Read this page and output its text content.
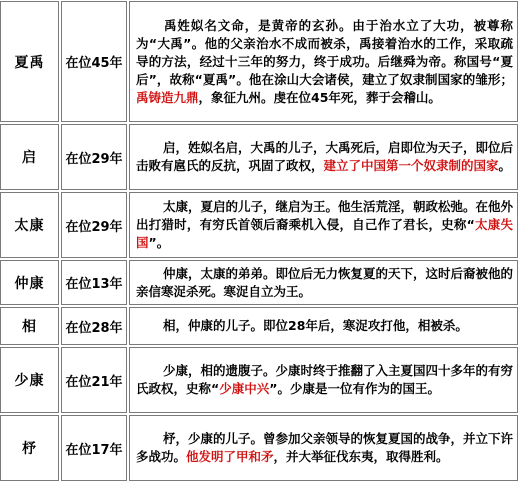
夏禹	在位45年	禹姓姒名文命，是黄帝的玄孙。由于治水立了大功，被尊称为“大禹”。他的父亲治水不成而被杀，禹接着治水的工作，采取疏导的方法，经过十三年的努力，终于成功。后继舜为帝。称国号“夏后”，故称“夏禹”。他在涂山大会诸侯，建立了奴隶制国家的雏形；禹铸造九鼎，象征九州。虔在位45年死，葬于会稽山。
启	在位29年	启，姓姒名启，大禹的儿子，大禹死后，启即位为天子，即位后击败有扈氏的反抗，巩固了政权，建立了中国第一个奴隶制的国家。
太康	在位29年	太康，夏启的儿子，继启为王。他生活荒淫，朝政松弛。在他外出打猎时，有穷氏首领后裔乘机入侵，自己作了君长，史称“太康失国”。
仲康	在位13年	仲康，太康的弟弟。即位后无力恢复夏的天下，这时后裔被他的亲信寒浞杀死。寒浞自立为王。
相	在位28年	相，仲康的儿子。即位28年后，寒浞攻打他，相被杀。
少康	在位21年	少康，相的遗腹子。少康时终于推翻了入主夏国四十多年的有穷氏政权，史称“少康中兴”。少康是一位有作为的国王。
杼	在位17年	杼，少康的儿子。曾参加父亲领导的恢复夏国的战争，并立下许多战功。他发明了甲和矛，并大举征伐东夷，取得胜利。
